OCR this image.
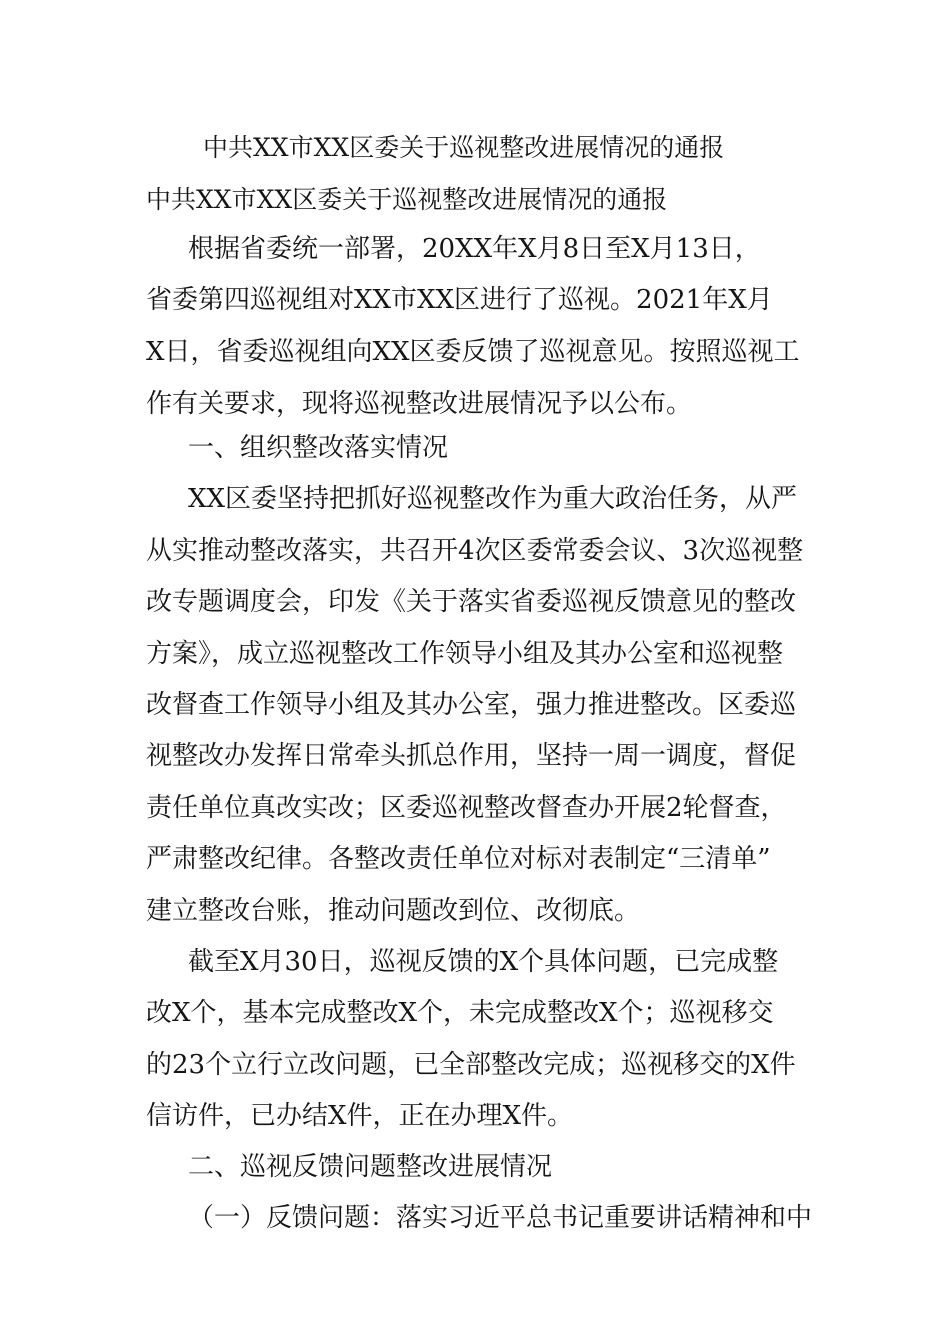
中共XX市XX区委关于巡视整改进展情况的通报
中共XX市XX区委关于巡视整改进展情况的通报
根据省委统一部署，20XX年X月8日至X月13日，
省委第四巡视组对XX市XX区进行了巡视。2021年X月
X日，省委巡视组向XX区委反馈了巡视意见。按照巡视工
作有关要求，现将巡视整改进展情况予以公布。
一、组织整改落实情况
XX区委坚持把抓好巡视整改作为重大政治任务，从严
从实推动整改落实，共召开4次区委常委会议、3次巡视整
改专题调度会，印发《关于落实省委巡视反馈意见的整改
方案》，成立巡视整改工作领导小组及其办公室和巡视整
改督查工作领导小组及其办公室，强力推进整改。区委巡
视整改办发挥日常牵头抓总作用，坚持一周一调度，督促
责任单位真改实改；区委巡视整改督查办开展2轮督查，
严肃整改纪律。各整改责任单位对标对表制定“三清单”
建立整改台账，推动问题改到位、改彻底。
截至X月30日，巡视反馈的X个具体问题，已完成整
改X个，基本完成整改X个，未完成整改X个；巡视移交
的23个立行立改问题，已全部整改完成；巡视移交的X件
信访件，已办结X件，正在办理X件。
二、巡视反馈问题整改进展情况
（一）反馈问题：落实习近平总书记重要讲话精神和中
